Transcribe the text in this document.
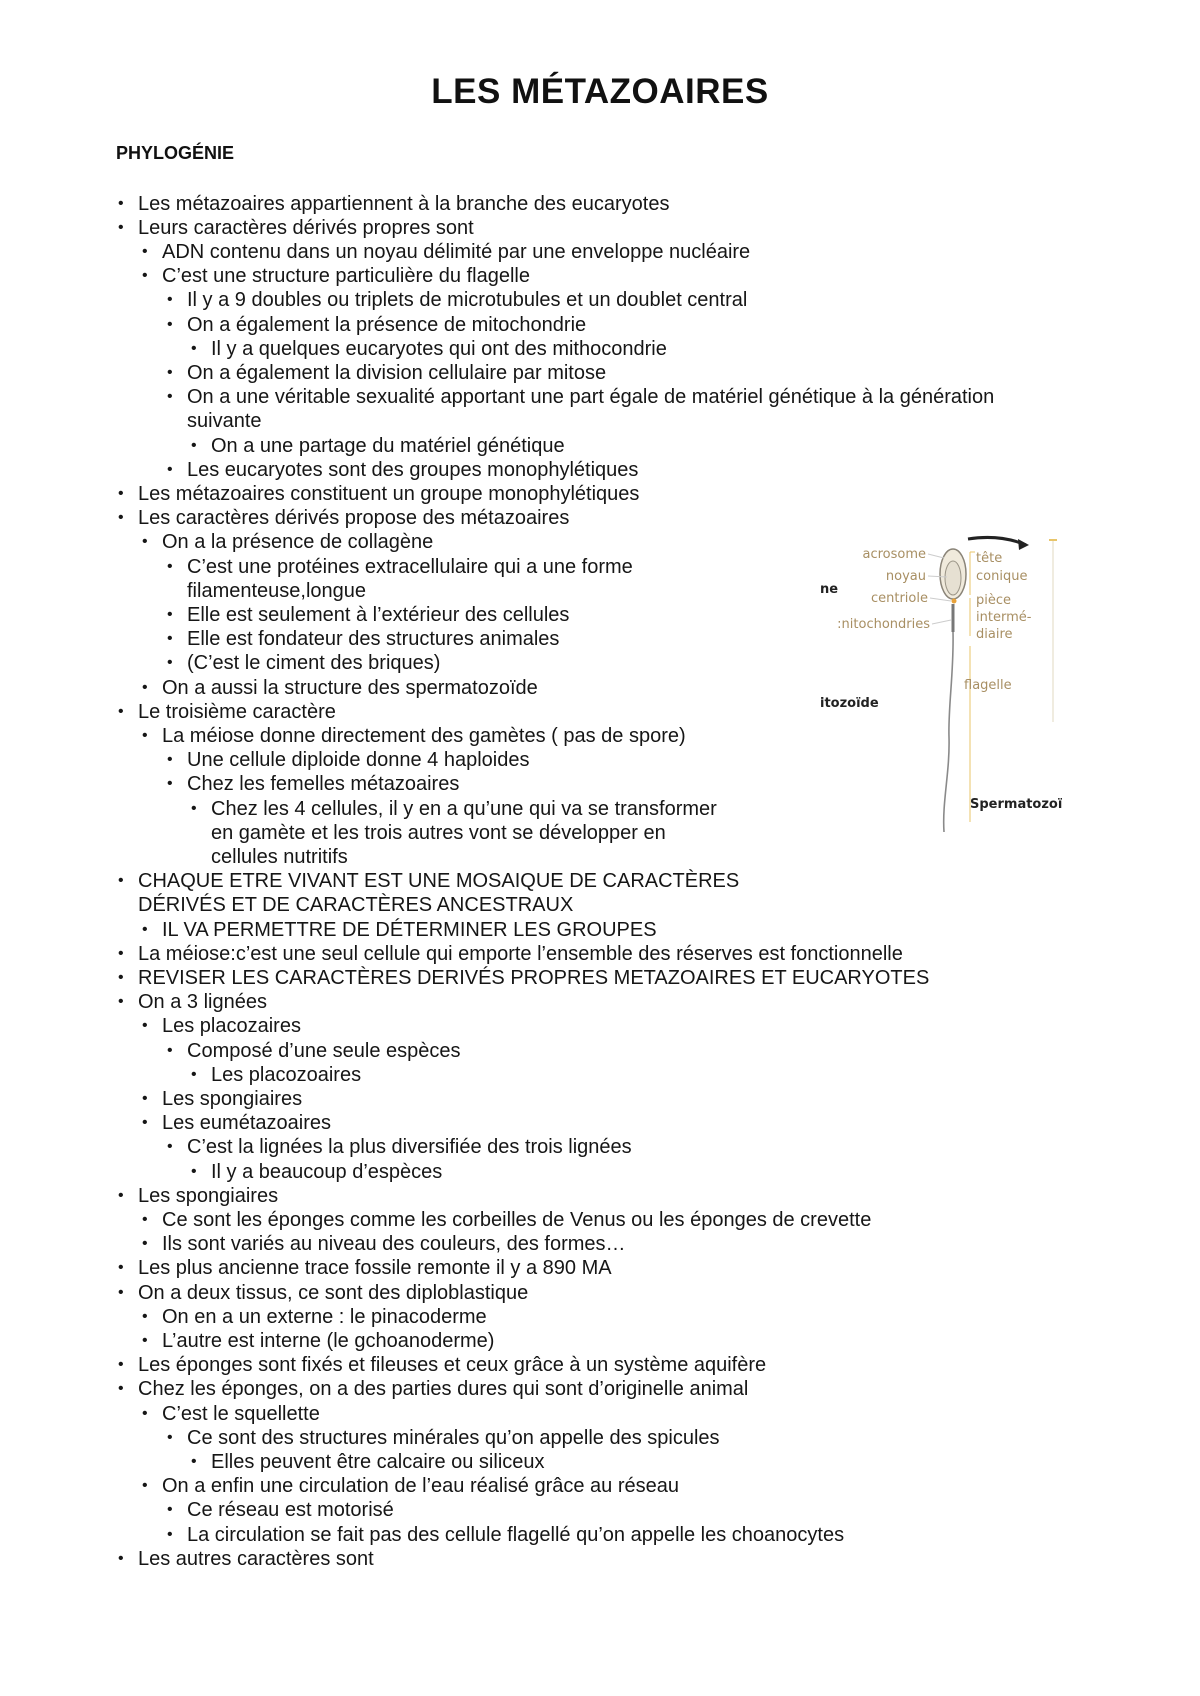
LES MÉTAZOAIRES
PHYLOGÉNIE
• Les métazoaires appartiennent à la branche des eucaryotes
• Leurs caractères dérivés propres sont
• ADN contenu dans un noyau délimité par une enveloppe nucléaire
• C’est une structure particulière du flagelle
• Il y a 9 doubles ou triplets de microtubules et un doublet central
• On a également la présence de mitochondrie
• Il y a quelques eucaryotes qui ont des mithocondrie
• On a également la division cellulaire par mitose
• On a une véritable sexualité apportant une part égale de matériel génétique à la génération
suivante
• On a une partage du matériel génétique
• Les eucaryotes sont des groupes monophylétiques
• Les métazoaires constituent un groupe monophylétiques
• Les caractères dérivés propose des métazoaires
• On a la présence de collagène
• C’est une protéines extracellulaire qui a une forme
filamenteuse,longue
• Elle est seulement à l’extérieur des cellules
• Elle est fondateur des structures animales
• (C’est le ciment des briques)
• On a aussi la structure des spermatozoïde
• Le troisième caractère
• La méiose donne directement des gamètes ( pas de spore)
• Une cellule diploide donne 4 haploides
• Chez les femelles métazoaires
• Chez les 4 cellules, il y en a qu’une qui va se transformer
en gamète et les trois autres vont se développer en
cellules nutritifs
• CHAQUE ETRE VIVANT EST UNE MOSAIQUE DE CARACTÈRES
DÉRIVÉS ET DE CARACTÈRES ANCESTRAUX
• IL VA PERMETTRE DE DÉTERMINER LES GROUPES
• La méiose:c’est une seul cellule qui emporte l’ensemble des réserves est fonctionnelle
• REVISER LES CARACTÈRES DERIVÉS PROPRES METAZOAIRES ET EUCARYOTES
• On a 3 lignées
• Les placozaires
• Composé d’une seule espèces
• Les placozoaires
• Les spongiaires
• Les eumétazoaires
• C’est la lignées la plus diversifiée des trois lignées
• Il y a beaucoup d’espèces
• Les spongiaires
• Ce sont les éponges comme les corbeilles de Venus ou les éponges de crevette
• Ils sont variés au niveau des couleurs, des formes…
• Les plus ancienne trace fossile remonte il y a 890 MA
• On a deux tissus, ce sont des diploblastique
• On en a un externe : le pinacoderme
• L’autre est interne (le gchoanoderme)
• Les éponges sont fixés et fileuses et ceux grâce à un système aquifère
• Chez les éponges, on a des parties dures qui sont d’originelle animal
• C’est le squellette
• Ce sont des structures minérales qu’on appelle des spicules
• Elles peuvent être calcaire ou siliceux
• On a enfin une circulation de l’eau réalisé grâce au réseau
• Ce réseau est motorisé
• La circulation se fait pas des cellule flagellé qu’on appelle les choanocytes
• Les autres caractères sont
acrosome
noyau
centriole
:nitochondries
tête
conique
pièce
intermé-
diaire
flagelle
ne
itozoïde
Spermatozoï
